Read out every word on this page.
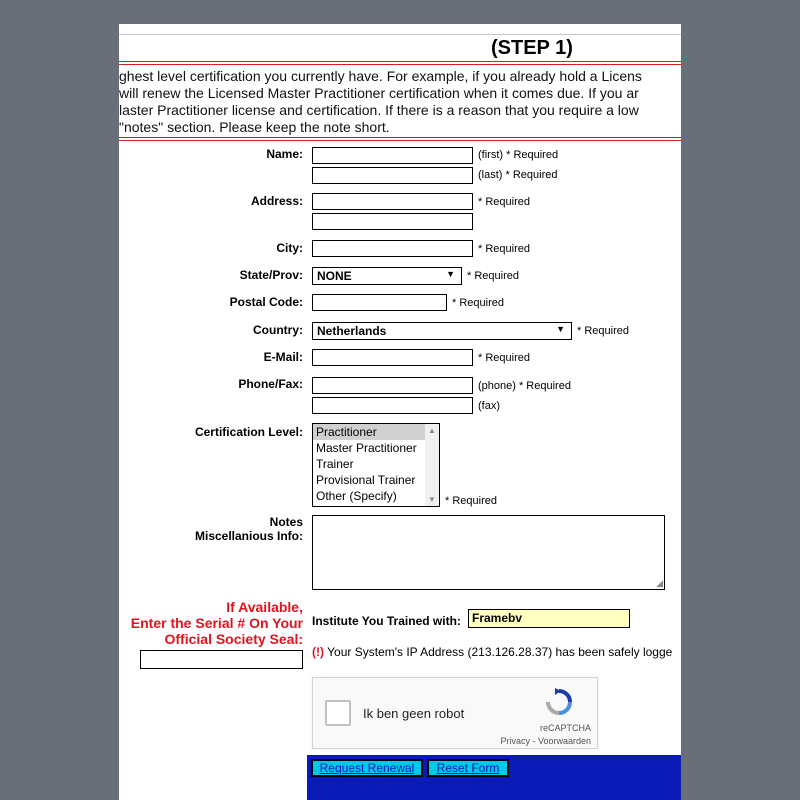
(STEP 1)
ghest level certification you currently have. For example, if you already hold a Licens
will renew the Licensed Master Practitioner certification when it comes due. If you ar
laster Practitioner license and certification. If there is a reason that you require a low
"notes" section. Please keep the note short.
Name:	(first) * Required
(last) * Required
Address:	* Required
City:	* Required
State/Prov:	NONE	▼ * Required
Postal Code:	* Required
Country:	Netherlands	▼ * Required
E-Mail:	* Required
Phone/Fax:	(phone) * Required
(fax)
Certification Level: Practitioner
Master Practitioner
Trainer
Provisional Trainer
Other (Specify)
▲
▼ * Required
Notes
Miscellanious Info:
◢
If Available,
Enter the Serial # On Your
Official Society Seal:
Institute You Trained with: Framebv
(!) Your System's IP Address (213.126.28.37) has been safely logge
Ik ben geen robot
reCAPTCHA
Privacy - Voorwaarden
Request Renewal	Reset Form
